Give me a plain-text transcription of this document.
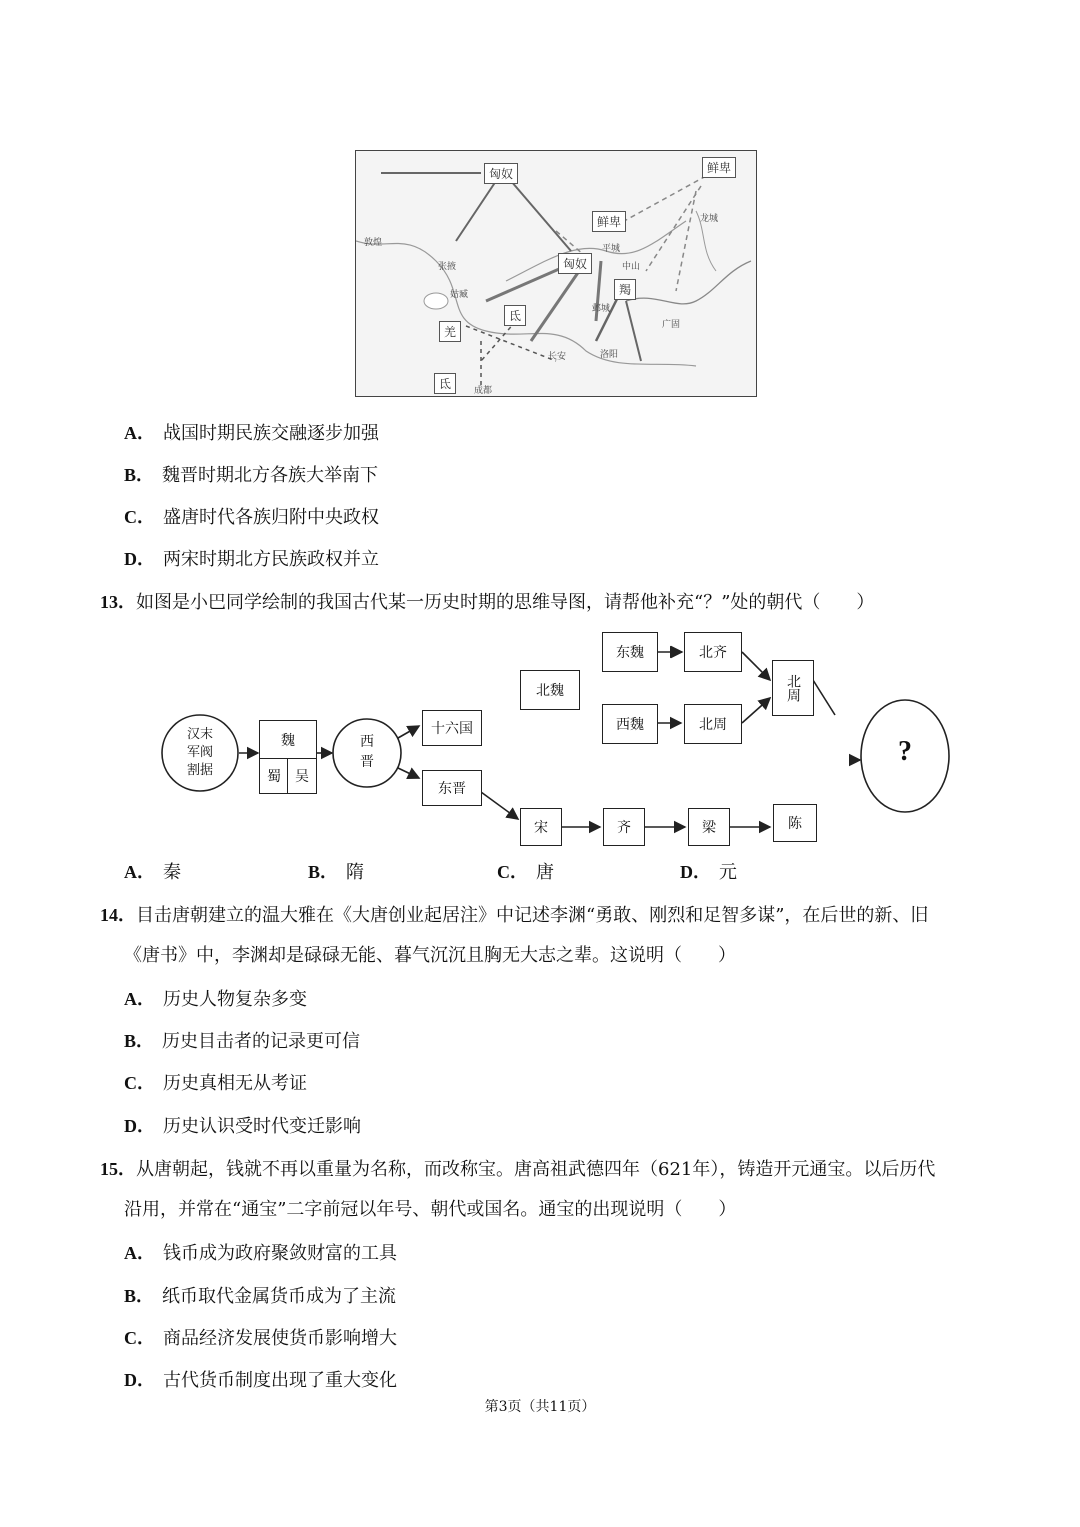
匈奴	鲜卑
鲜卑
匈奴
羯
羌
氐
氐
敦煌
张掖
姑臧
平城
中山
邺城
长安	洛阳
成都
广固
龙城
A． 战国时期民族交融逐步加强
B． 魏晋时期北方各族大举南下
C． 盛唐时代各族归附中央政权
D． 两宋时期北方民族政权并立
13．如图是小巴同学绘制的我国古代某一历史时期的思维导图，请帮他补充“？”处的朝代（　　）
汉末军阀割据
魏
蜀	吴
西晋
十六国
东晋
北魏
东魏
西魏
北齐
北周
北周
宋	齐	梁	陈
?
A． 秦	B． 隋	C． 唐	D． 元
14．目击唐朝建立的温大雅在《大唐创业起居注》中记述李渊“勇敢、刚烈和足智多谋”，在后世的新、旧
《唐书》中，李渊却是碌碌无能、暮气沉沉且胸无大志之辈。这说明（　　）
A． 历史人物复杂多变
B． 历史目击者的记录更可信
C． 历史真相无从考证
D． 历史认识受时代变迁影响
15．从唐朝起，钱就不再以重量为名称，而改称宝。唐高祖武德四年（621年），铸造开元通宝。以后历代
沿用，并常在“通宝”二字前冠以年号、朝代或国名。通宝的出现说明（　　）
A． 钱币成为政府聚敛财富的工具
B． 纸币取代金属货币成为了主流
C． 商品经济发展使货币影响增大
D． 古代货币制度出现了重大变化
第3页（共11页）
